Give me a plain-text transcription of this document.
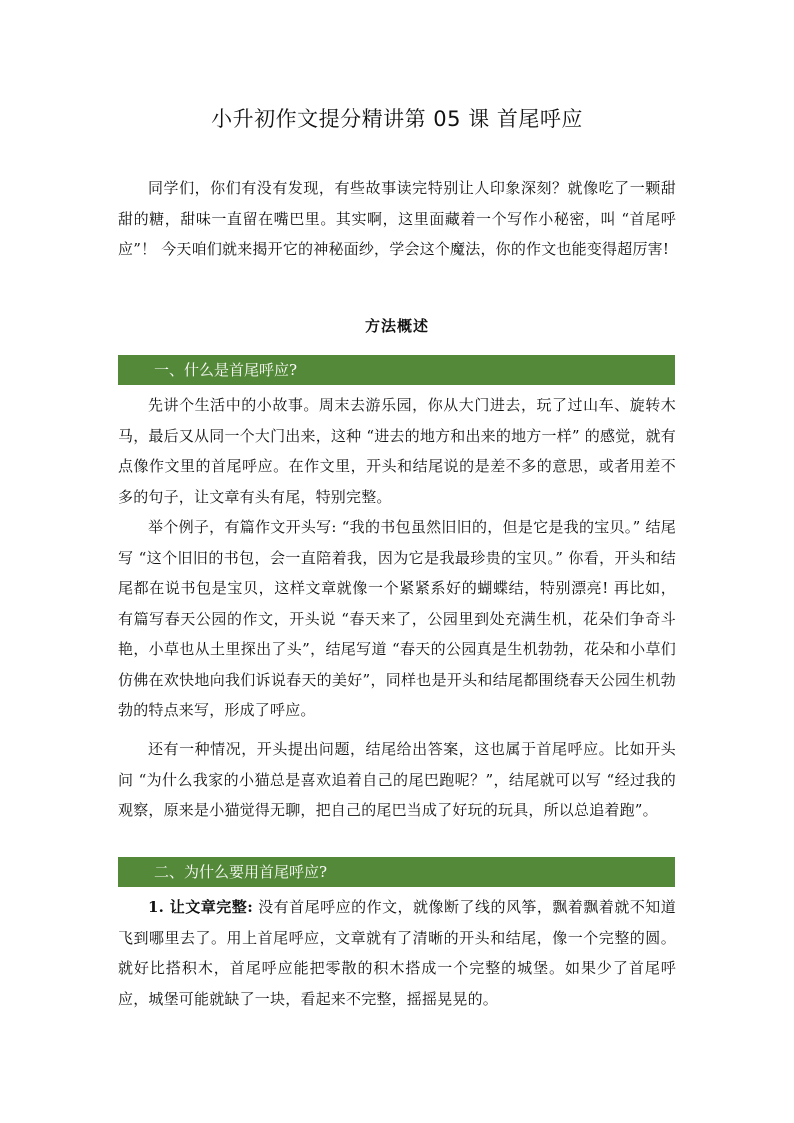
小升初作文提分精讲第 05 课 首尾呼应

同学们，你们有没有发现，有些故事读完特别让人印象深刻？就像吃了一颗甜甜的糖，甜味一直留在嘴巴里。其实啊，这里面藏着一个写作小秘密，叫 “首尾呼应”！ 今天咱们就来揭开它的神秘面纱，学会这个魔法，你的作文也能变得超厉害!

方法概述
一、什么是首尾呼应?

先讲个生活中的小故事。周末去游乐园，你从大门进去，玩了过山车、旋转木马，最后又从同一个大门出来，这种 “进去的地方和出来的地方一样” 的感觉，就有点像作文里的首尾呼应。在作文里，开头和结尾说的是差不多的意思，或者用差不多的句子，让文章有头有尾，特别完整。

举个例子，有篇作文开头写: “我的书包虽然旧旧的，但是它是我的宝贝。” 结尾写 “这个旧旧的书包，会一直陪着我，因为它是我最珍贵的宝贝。” 你看，开头和结尾都在说书包是宝贝，这样文章就像一个紧紧系好的蝴蝶结，特别漂亮! 再比如，有篇写春天公园的作文，开头说 “春天来了，公园里到处充满生机，花朵们争奇斗艳，小草也从土里探出了头”，结尾写道 “春天的公园真是生机勃勃，花朵和小草们仿佛在欢快地向我们诉说春天的美好”，同样也是开头和结尾都围绕春天公园生机勃勃的特点来写，形成了呼应。

还有一种情况，开头提出问题，结尾给出答案，这也属于首尾呼应。比如开头问 “为什么我家的小猫总是喜欢追着自己的尾巴跑呢？”，结尾就可以写 “经过我的观察，原来是小猫觉得无聊，把自己的尾巴当成了好玩的玩具，所以总追着跑”。

二、为什么要用首尾呼应?

1. 让文章完整: 没有首尾呼应的作文，就像断了线的风筝，飘着飘着就不知道飞到哪里去了。用上首尾呼应，文章就有了清晰的开头和结尾，像一个完整的圆。就好比搭积木，首尾呼应能把零散的积木搭成一个完整的城堡。如果少了首尾呼应，城堡可能就缺了一块，看起来不完整，摇摇晃晃的。
